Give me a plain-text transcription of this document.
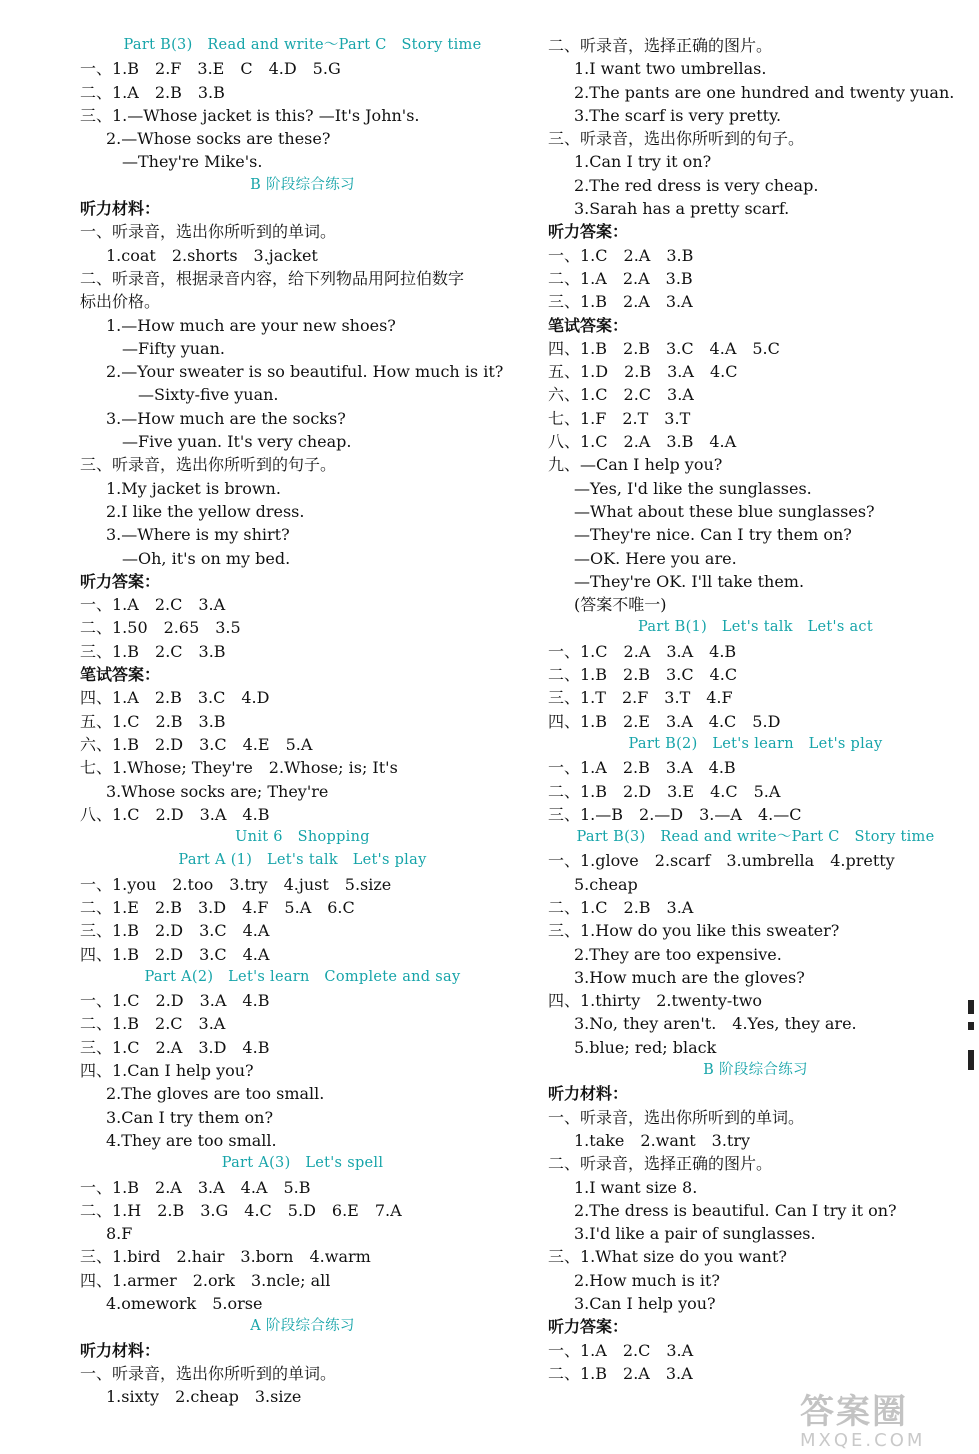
Part B(3)　Read and write～Part C　Story time
一、1.B　2.F　3.E　C　4.D　5.G
二、1.A　2.B　3.B
三、1.—Whose jacket is this? —It's John's.
2.—Whose socks are these?
—They're Mike's.
B 阶段综合练习
听力材料：
一、听录音，选出你所听到的单词。
1.coat　2.shorts　3.jacket
二、听录音，根据录音内容，给下列物品用阿拉伯数字
标出价格。
1.—How much are your new shoes?
—Fifty yuan.
2.—Your sweater is so beautiful. How much is it?
—Sixty-five yuan.
3.—How much are the socks?
—Five yuan. It's very cheap.
三、听录音，选出你所听到的句子。
1.My jacket is brown.
2.I like the yellow dress.
3.—Where is my shirt?
—Oh, it's on my bed.
听力答案：
一、1.A　2.C　3.A
二、1.50　2.65　3.5
三、1.B　2.C　3.B
笔试答案：
四、1.A　2.B　3.C　4.D
五、1.C　2.B　3.B
六、1.B　2.D　3.C　4.E　5.A
七、1.Whose; They're　2.Whose; is; It's
3.Whose socks are; They're
八、1.C　2.D　3.A　4.B
Unit 6　Shopping
Part A (1)　Let's talk　Let's play
一、1.you　2.too　3.try　4.just　5.size
二、1.E　2.B　3.D　4.F　5.A　6.C
三、1.B　2.D　3.C　4.A
四、1.B　2.D　3.C　4.A
Part A(2)　Let's learn　Complete and say
一、1.C　2.D　3.A　4.B
二、1.B　2.C　3.A
三、1.C　2.A　3.D　4.B
四、1.Can I help you?
2.The gloves are too small.
3.Can I try them on?
4.They are too small.
Part A(3)　Let's spell
一、1.B　2.A　3.A　4.A　5.B
二、1.H　2.B　3.G　4.C　5.D　6.E　7.A
8.F
三、1.bird　2.hair　3.born　4.warm
四、1.armer　2.ork　3.ncle; all
4.omework　5.orse
A 阶段综合练习
听力材料：
一、听录音，选出你所听到的单词。
1.sixty　2.cheap　3.size
二、听录音，选择正确的图片。
1.I want two umbrellas.
2.The pants are one hundred and twenty yuan.
3.The scarf is very pretty.
三、听录音，选出你所听到的句子。
1.Can I try it on?
2.The red dress is very cheap.
3.Sarah has a pretty scarf.
听力答案：
一、1.C　2.A　3.B
二、1.A　2.A　3.B
三、1.B　2.A　3.A
笔试答案：
四、1.B　2.B　3.C　4.A　5.C
五、1.D　2.B　3.A　4.C
六、1.C　2.C　3.A
七、1.F　2.T　3.T
八、1.C　2.A　3.B　4.A
九、—Can I help you?
—Yes, I'd like the sunglasses.
—What about these blue sunglasses?
—They're nice. Can I try them on?
—OK. Here you are.
—They're OK. I'll take them.
(答案不唯一)
Part B(1)　Let's talk　Let's act
一、1.C　2.A　3.A　4.B
二、1.B　2.B　3.C　4.C
三、1.T　2.F　3.T　4.F
四、1.B　2.E　3.A　4.C　5.D
Part B(2)　Let's learn　Let's play
一、1.A　2.B　3.A　4.B
二、1.B　2.D　3.E　4.C　5.A
三、1.—B　2.—D　3.—A　4.—C
Part B(3)　Read and write～Part C　Story time
一、1.glove　2.scarf　3.umbrella　4.pretty
5.cheap
二、1.C　2.B　3.A
三、1.How do you like this sweater?
2.They are too expensive.
3.How much are the gloves?
四、1.thirty　2.twenty-two
3.No, they aren't.　4.Yes, they are.
5.blue; red; black
B 阶段综合练习
听力材料：
一、听录音，选出你所听到的单词。
1.take　2.want　3.try
二、听录音，选择正确的图片。
1.I want size 8.
2.The dress is beautiful. Can I try it on?
3.I'd like a pair of sunglasses.
三、1.What size do you want?
2.How much is it?
3.Can I help you?
听力答案：
一、1.A　2.C　3.A
二、1.B　2.A　3.A
答案圈
MXQE.COM
